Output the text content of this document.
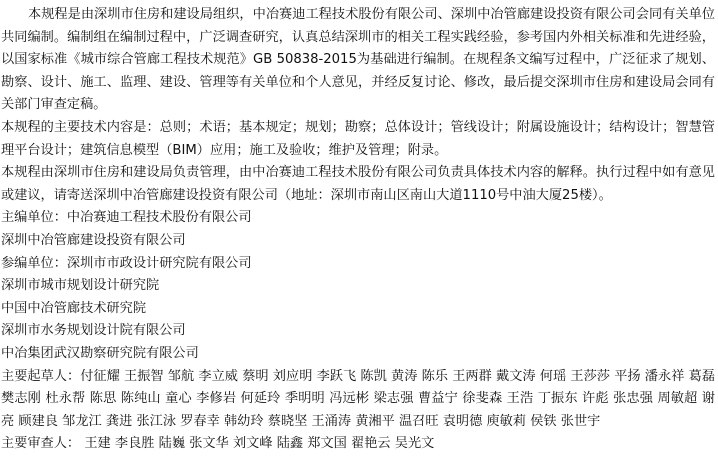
本规程是由深圳市住房和建设局组织，中冶赛迪工程技术股份有限公司、深圳中冶管廊建设投资有限公司会同有关单位共同编制。编制组在编制过程中，广泛调查研究，认真总结深圳市的相关工程实践经验，参考国内外相关标准和先进经验，以国家标准《城市综合管廊工程技术规范》GB 50838-2015为基础进行编制。在规程条文编写过程中，广泛征求了规划、勘察、设计、施工、监理、建设、管理等有关单位和个人意见，并经反复讨论、修改，最后提交深圳市住房和建设局会同有关部门审查定稿。

本规程的主要技术内容是：总则；术语；基本规定；规划；勘察；总体设计；管线设计；附属设施设计；结构设计；智慧管理平台设计；建筑信息模型（BIM）应用；施工及验收；维护及管理；附录。

本规程由深圳市住房和建设局负责管理，由中冶赛迪工程技术股份有限公司负责具体技术内容的解释。执行过程中如有意见或建议，请寄送深圳中冶管廊建设投资有限公司（地址：深圳市南山区南山大道1110号中油大厦25楼）。

主编单位：中冶赛迪工程技术股份有限公司
深圳中冶管廊建设投资有限公司
参编单位：深圳市市政设计研究院有限公司
深圳市城市规划设计研究院
中国中冶管廊技术研究院
深圳市水务规划设计院有限公司
中冶集团武汉勘察研究院有限公司

主要起草人：付征耀 王振智 邹航 李立威 蔡明 刘应明 李跃飞 陈凯 黄涛 陈乐 王两群 戴文涛 何瑶 王莎莎 平扬 潘永祥 葛磊 樊志刚 杜永帮 陈思 陈纯山 童心 李修岩 何延玲 季明明 冯远彬 梁志强 曹益宁 徐斐森 王浩 丁振东 许彪 张忠强 周敏超 谢亮 顾建良 邹龙江 龚进 张江泳 罗春幸 韩幼玲 蔡晓坚 王涌涛 黄湘平 温召旺 袁明德 庾敏莉 侯铁 张世宇

主要审查人： 王建 李良胜 陆巍 张文华 刘文峰 陆鑫 郑文国 翟艳云 吴光文
